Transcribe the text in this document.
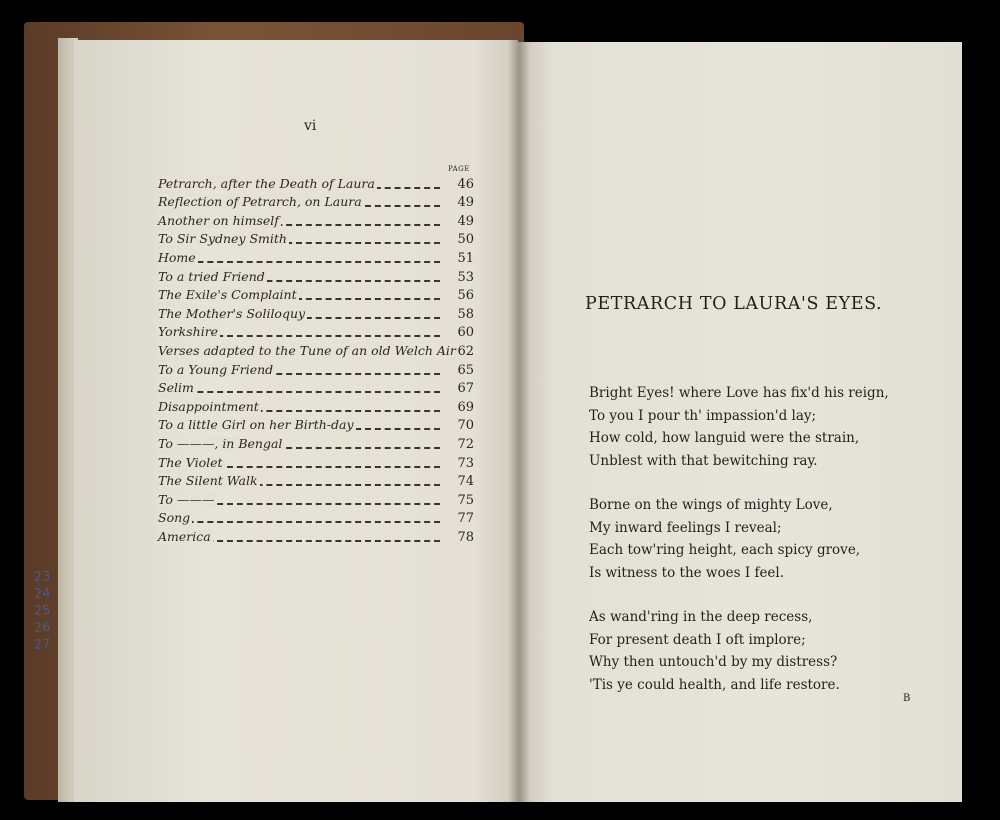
23
24
25
26
27
vi
PAGE
Petrarch, after the Death of Laura	46
Reflection of Petrarch, on Laura	49
Another on himself	49
To Sir Sydney Smith	50
Home	51
To a tried Friend	53
The Exile's Complaint	56
The Mother's Soliloquy	58
Yorkshire	60
Verses adapted to the Tune of an old Welch Air 62
To a Young Friend	65
Selim	67
Disappointment	69
To a little Girl on her Birth-day	70
To ———, in Bengal	72
The Violet	73
The Silent Walk	74
To ———	75
Song	77
America	78
PETRARCH TO LAURA'S EYES.
Bright Eyes! where Love has fix'd his reign,
To you I pour th' impassion'd lay;
How cold, how languid were the strain,
Unblest with that bewitching ray.
Borne on the wings of mighty Love,
My inward feelings I reveal;
Each tow'ring height, each spicy grove,
Is witness to the woes I feel.
As wand'ring in the deep recess,
For present death I oft implore;
Why then untouch'd by my distress?
'Tis ye could health, and life restore.
B
